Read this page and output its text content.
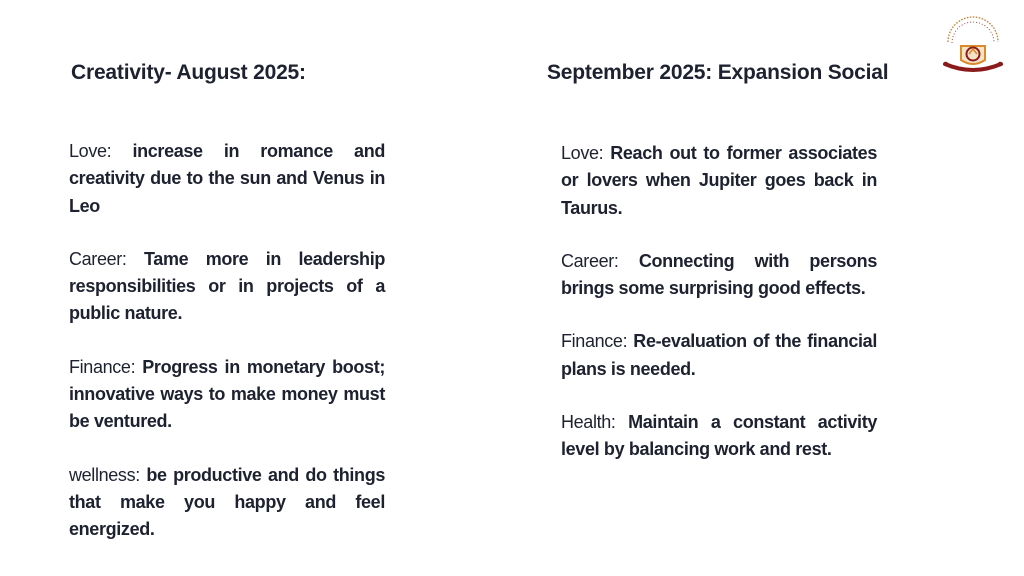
Creativity- August 2025:	September 2025: Expansion Social

Love: increase in romance and creativity due to the sun and Venus in Leo

Career: Tame more in leadership responsibilities or in projects of a public nature.

Finance: Progress in monetary boost; innovative ways to make money must be ventured.

wellness: be productive and do things that make you happy and feel energized.

Love: Reach out to former associates or lovers when Jupiter goes back in Taurus.

Career: Connecting with persons brings some surprising good effects.

Finance: Re-evaluation of the financial plans is needed.

Health: Maintain a constant activity level by balancing work and rest.
